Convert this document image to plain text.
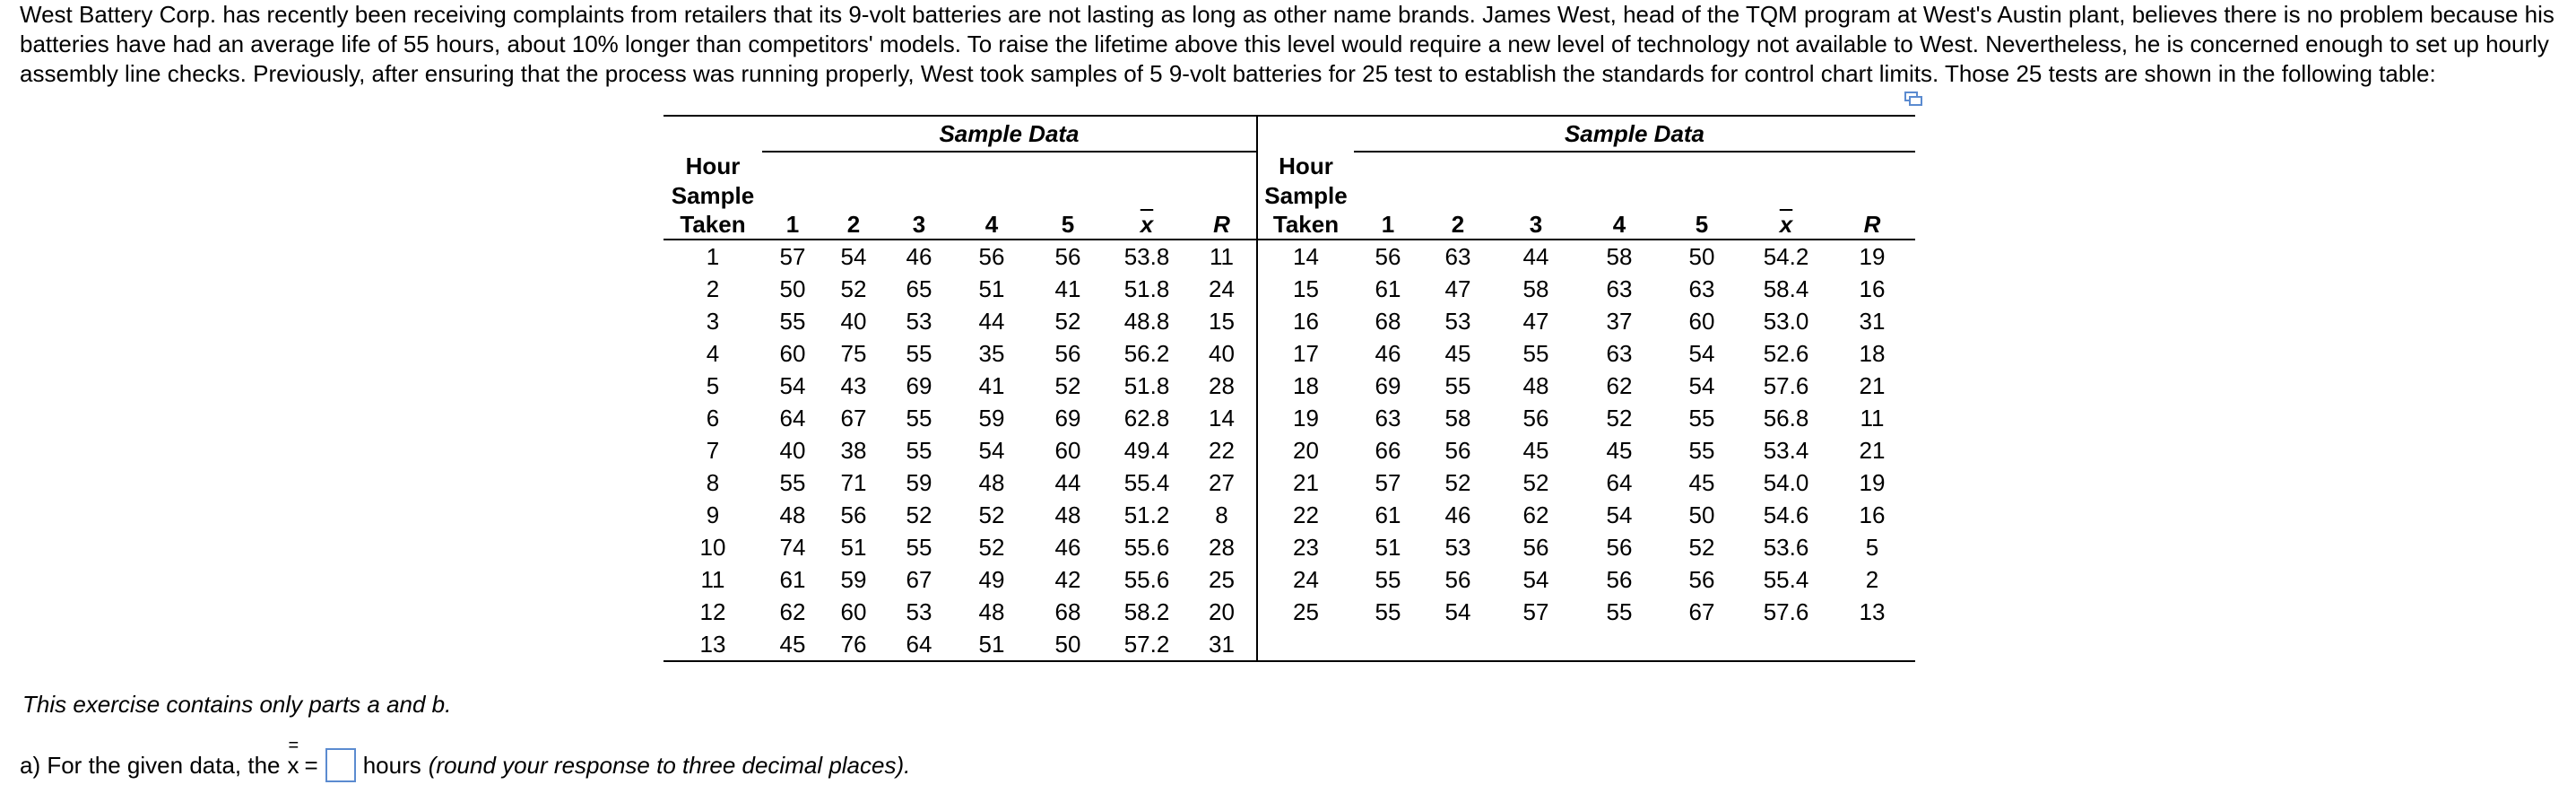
West Battery Corp. has recently been receiving complaints from retailers that its 9-volt batteries are not lasting as long as other name brands. James West, head of the TQM program at West's Austin plant, believes there is no problem because his batteries have had an average life of 55 hours, about 10% longer than competitors' models. To raise the lifetime above this level would require a new level of technology not available to West. Nevertheless, he is concerned enough to set up hourly assembly line checks. Previously, after ensuring that the process was running properly, West took samples of 5 9-volt batteries for 25 test to establish the standards for control chart limits. Those 25 tests are shown in the following table:

	Sample Data								Sample Data						
Hour								Hour							
Sample								Sample							
Taken	1	2	3	4	5	$\overline{x}$	R	Taken	1	2	3	4	5	$\overline{x}$	R
1	57	54	46	56	56	53.8	11	14	56	63	44	58	50	54.2	19
2	50	52	65	51	41	51.8	24	15	61	47	58	63	63	58.4	16
3	55	40	53	44	52	48.8	15	16	68	53	47	37	60	53.0	31
4	60	75	55	35	56	56.2	40	17	46	45	55	63	54	52.6	18
5	54	43	69	41	52	51.8	28	18	69	55	48	62	54	57.6	21
6	64	67	55	59	69	62.8	14	19	63	58	56	52	55	56.8	11
7	40	38	55	54	60	49.4	22	20	66	56	45	45	55	53.4	21
8	55	71	59	48	44	55.4	27	21	57	52	52	64	45	54.0	19
9	48	56	52	52	48	51.2	8	22	61	46	62	54	50	54.6	16
10	74	51	55	52	46	55.6	28	23	51	53	56	56	52	53.6	5
11	61	59	67	49	42	55.6	25	24	55	56	54	56	56	55.4	2
12	62	60	53	48	68	58.2	20	25	55	54	57	55	67	57.6	13
13	45	76	64	51	50	57.2	31								

This exercise contains only parts a and b.

a) For the given data, the = x = hours (round your response to three decimal places).
